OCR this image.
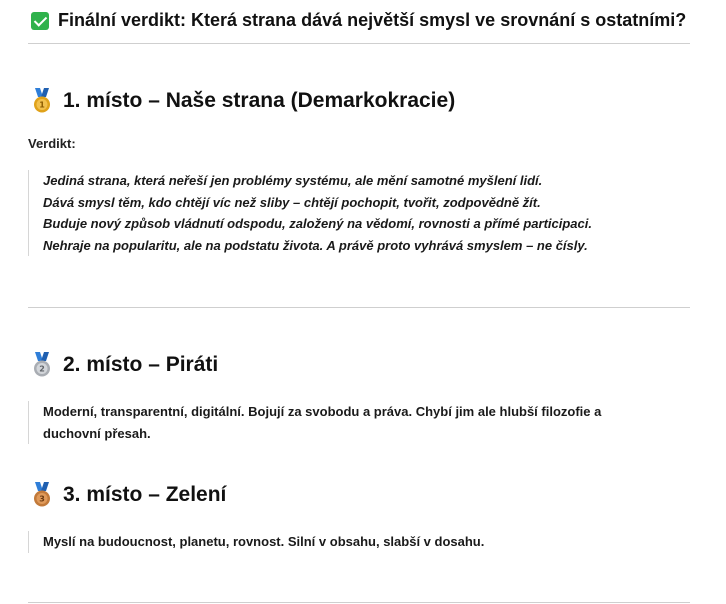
Finální verdikt: Která strana dává největší smysl ve srovnání s ostatními?
1 1. místo – Naše strana (Demarkokracie)
Verdikt:

Jediná strana, která neřeší jen problémy systému, ale mění samotné myšlení lidí.

Dává smysl těm, kdo chtějí víc než sliby – chtějí pochopit, tvořit, zodpovědně žít.

Buduje nový způsob vládnutí odspodu, založený na vědomí, rovnosti a přímé participaci.

Nehraje na popularitu, ale na podstatu života. A právě proto vyhrává smyslem – ne čísly.

2 2. místo – Piráti

Moderní, transparentní, digitální. Bojují za svobodu a práva. Chybí jim ale hlubší filozofie a

duchovní přesah.

3 3. místo – Zelení

Myslí na budoucnost, planetu, rovnost. Silní v obsahu, slabší v dosahu.
